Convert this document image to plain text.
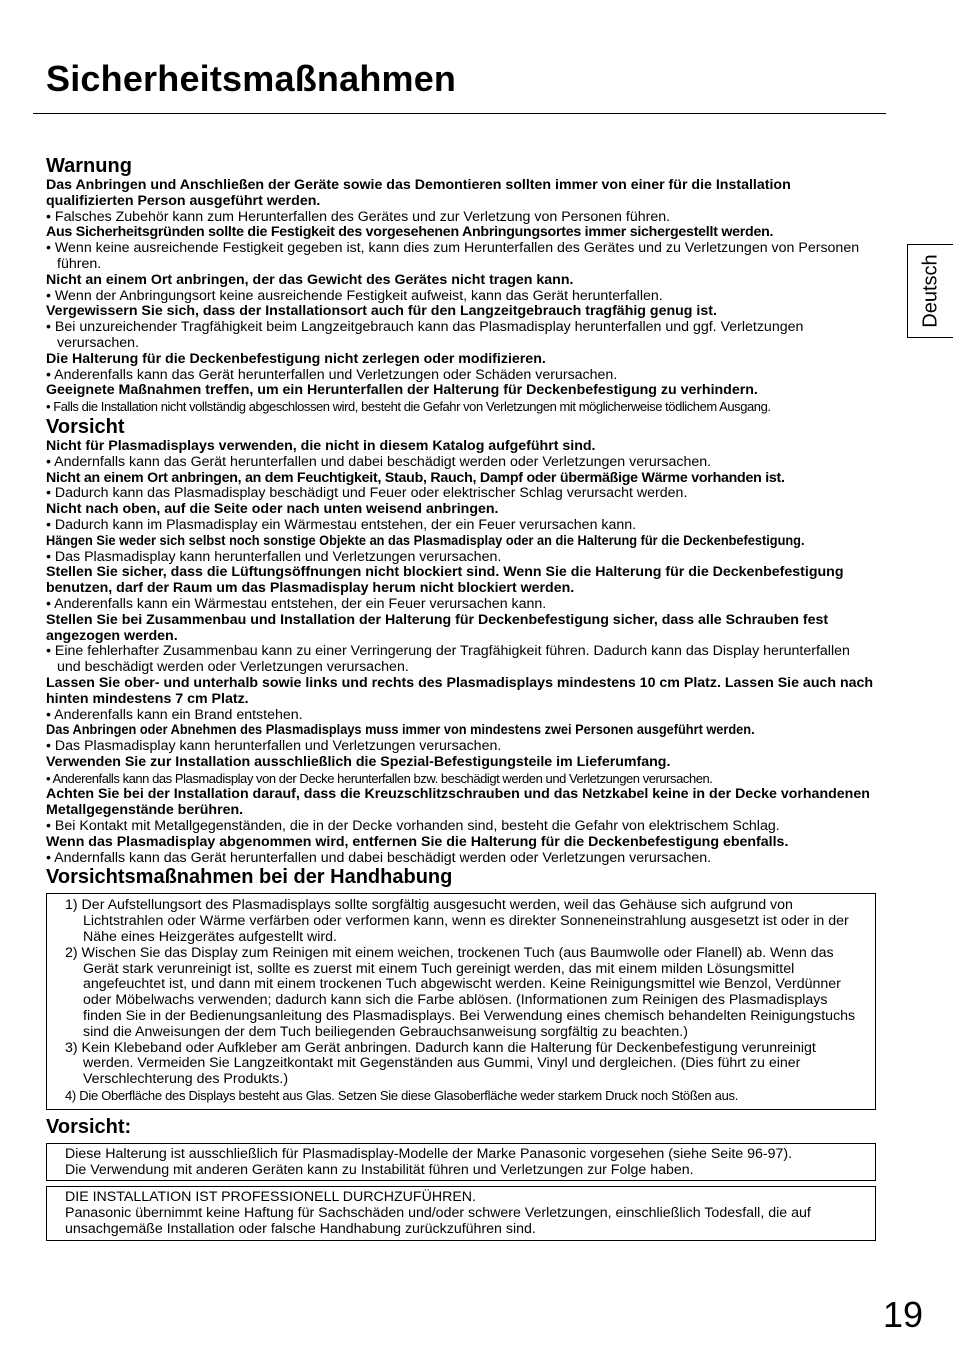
Sicherheitsmaßnahmen
Deutsch
Warnung
Das Anbringen und Anschließen der Geräte sowie das Demontieren sollten immer von einer für die Installation qualifizierten Person ausgeführt werden.
• Falsches Zubehör kann zum Herunterfallen des Gerätes und zur Verletzung von Personen führen.
Aus Sicherheitsgründen sollte die Festigkeit des vorgesehenen Anbringungsortes immer sichergestellt werden.
• Wenn keine ausreichende Festigkeit gegeben ist, kann dies zum Herunterfallen des Gerätes und zu Verletzungen von Personen führen.
Nicht an einem Ort anbringen, der das Gewicht des Gerätes nicht tragen kann.
• Wenn der Anbringungsort keine ausreichende Festigkeit aufweist, kann das Gerät herunterfallen.
Vergewissern Sie sich, dass der Installationsort auch für den Langzeitgebrauch tragfähig genug ist.
• Bei unzureichender Tragfähigkeit beim Langzeitgebrauch kann das Plasmadisplay herunterfallen und ggf. Verletzungen verursachen.
Die Halterung für die Deckenbefestigung nicht zerlegen oder modifizieren.
• Anderenfalls kann das Gerät herunterfallen und Verletzungen oder Schäden verursachen.
Geeignete Maßnahmen treffen, um ein Herunterfallen der Halterung für Deckenbefestigung zu verhindern.
• Falls die Installation nicht vollständig abgeschlossen wird, besteht die Gefahr von Verletzungen mit möglicherweise tödlichem Ausgang.
Vorsicht
Nicht für Plasmadisplays verwenden, die nicht in diesem Katalog aufgeführt sind.
• Andernfalls kann das Gerät herunterfallen und dabei beschädigt werden oder Verletzungen verursachen.
Nicht an einem Ort anbringen, an dem Feuchtigkeit, Staub, Rauch, Dampf oder übermäßige Wärme vorhanden ist.
• Dadurch kann das Plasmadisplay beschädigt und Feuer oder elektrischer Schlag verursacht werden.
Nicht nach oben, auf die Seite oder nach unten weisend anbringen.
• Dadurch kann im Plasmadisplay ein Wärmestau entstehen, der ein Feuer verursachen kann.
Hängen Sie weder sich selbst noch sonstige Objekte an das Plasmadisplay oder an die Halterung für die Deckenbefestigung.
• Das Plasmadisplay kann herunterfallen und Verletzungen verursachen.
Stellen Sie sicher, dass die Lüftungsöffnungen nicht blockiert sind. Wenn Sie die Halterung für die Deckenbefestigung benutzen, darf der Raum um das Plasmadisplay herum nicht blockiert werden.
• Anderenfalls kann ein Wärmestau entstehen, der ein Feuer verursachen kann.
Stellen Sie bei Zusammenbau und Installation der Halterung für Deckenbefestigung sicher, dass alle Schrauben fest angezogen werden.
• Eine fehlerhafter Zusammenbau kann zu einer Verringerung der Tragfähigkeit führen. Dadurch kann das Display herunterfallen und beschädigt werden oder Verletzungen verursachen.
Lassen Sie ober- und unterhalb sowie links und rechts des Plasmadisplays mindestens 10 cm Platz. Lassen Sie auch nach hinten mindestens 7 cm Platz.
• Anderenfalls kann ein Brand entstehen.
Das Anbringen oder Abnehmen des Plasmadisplays muss immer von mindestens zwei Personen ausgeführt werden.
• Das Plasmadisplay kann herunterfallen und Verletzungen verursachen.
Verwenden Sie zur Installation ausschließlich die Spezial-Befestigungsteile im Lieferumfang.
• Anderenfalls kann das Plasmadisplay von der Decke herunterfallen bzw. beschädigt werden und Verletzungen verursachen.
Achten Sie bei der Installation darauf, dass die Kreuzschlitzschrauben und das Netzkabel keine in der Decke vorhandenen Metallgegenstände berühren.
• Bei Kontakt mit Metallgegenständen, die in der Decke vorhanden sind, besteht die Gefahr von elektrischem Schlag.
Wenn das Plasmadisplay abgenommen wird, entfernen Sie die Halterung für die Deckenbefestigung ebenfalls.
• Andernfalls kann das Gerät herunterfallen und dabei beschädigt werden oder Verletzungen verursachen.
Vorsichtsmaßnahmen bei der Handhabung
1) Der Aufstellungsort des Plasmadisplays sollte sorgfältig ausgesucht werden, weil das Gehäuse sich aufgrund von Lichtstrahlen oder Wärme verfärben oder verformen kann, wenn es direkter Sonneneinstrahlung ausgesetzt ist oder in der Nähe eines Heizgerätes aufgestellt wird.
2) Wischen Sie das Display zum Reinigen mit einem weichen, trockenen Tuch (aus Baumwolle oder Flanell) ab. Wenn das Gerät stark verunreinigt ist, sollte es zuerst mit einem Tuch gereinigt werden, das mit einem milden Lösungsmittel angefeuchtet ist, und dann mit einem trockenen Tuch abgewischt werden. Keine Reinigungsmittel wie Benzol, Verdünner oder Möbelwachs verwenden; dadurch kann sich die Farbe ablösen. (Informationen zum Reinigen des Plasmadisplays finden Sie in der Bedienungsanleitung des Plasmadisplays. Bei Verwendung eines chemisch behandelten Reinigungstuchs sind die Anweisungen der dem Tuch beiliegenden Gebrauchsanweisung sorgfältig zu beachten.)
3) Kein Klebeband oder Aufkleber am Gerät anbringen. Dadurch kann die Halterung für Deckenbefestigung verunreinigt werden. Vermeiden Sie Langzeitkontakt mit Gegenständen aus Gummi, Vinyl und dergleichen. (Dies führt zu einer Verschlechterung des Produkts.)
4) Die Oberfläche des Displays besteht aus Glas. Setzen Sie diese Glasoberfläche weder starkem Druck noch Stößen aus.
Vorsicht:
Diese Halterung ist ausschließlich für Plasmadisplay-Modelle der Marke Panasonic vorgesehen (siehe Seite 96-97).
Die Verwendung mit anderen Geräten kann zu Instabilität führen und Verletzungen zur Folge haben.
DIE INSTALLATION IST PROFESSIONELL DURCHZUFÜHREN.
Panasonic übernimmt keine Haftung für Sachschäden und/oder schwere Verletzungen, einschließlich Todesfall, die auf unsachgemäße Installation oder falsche Handhabung zurückzuführen sind.
19
